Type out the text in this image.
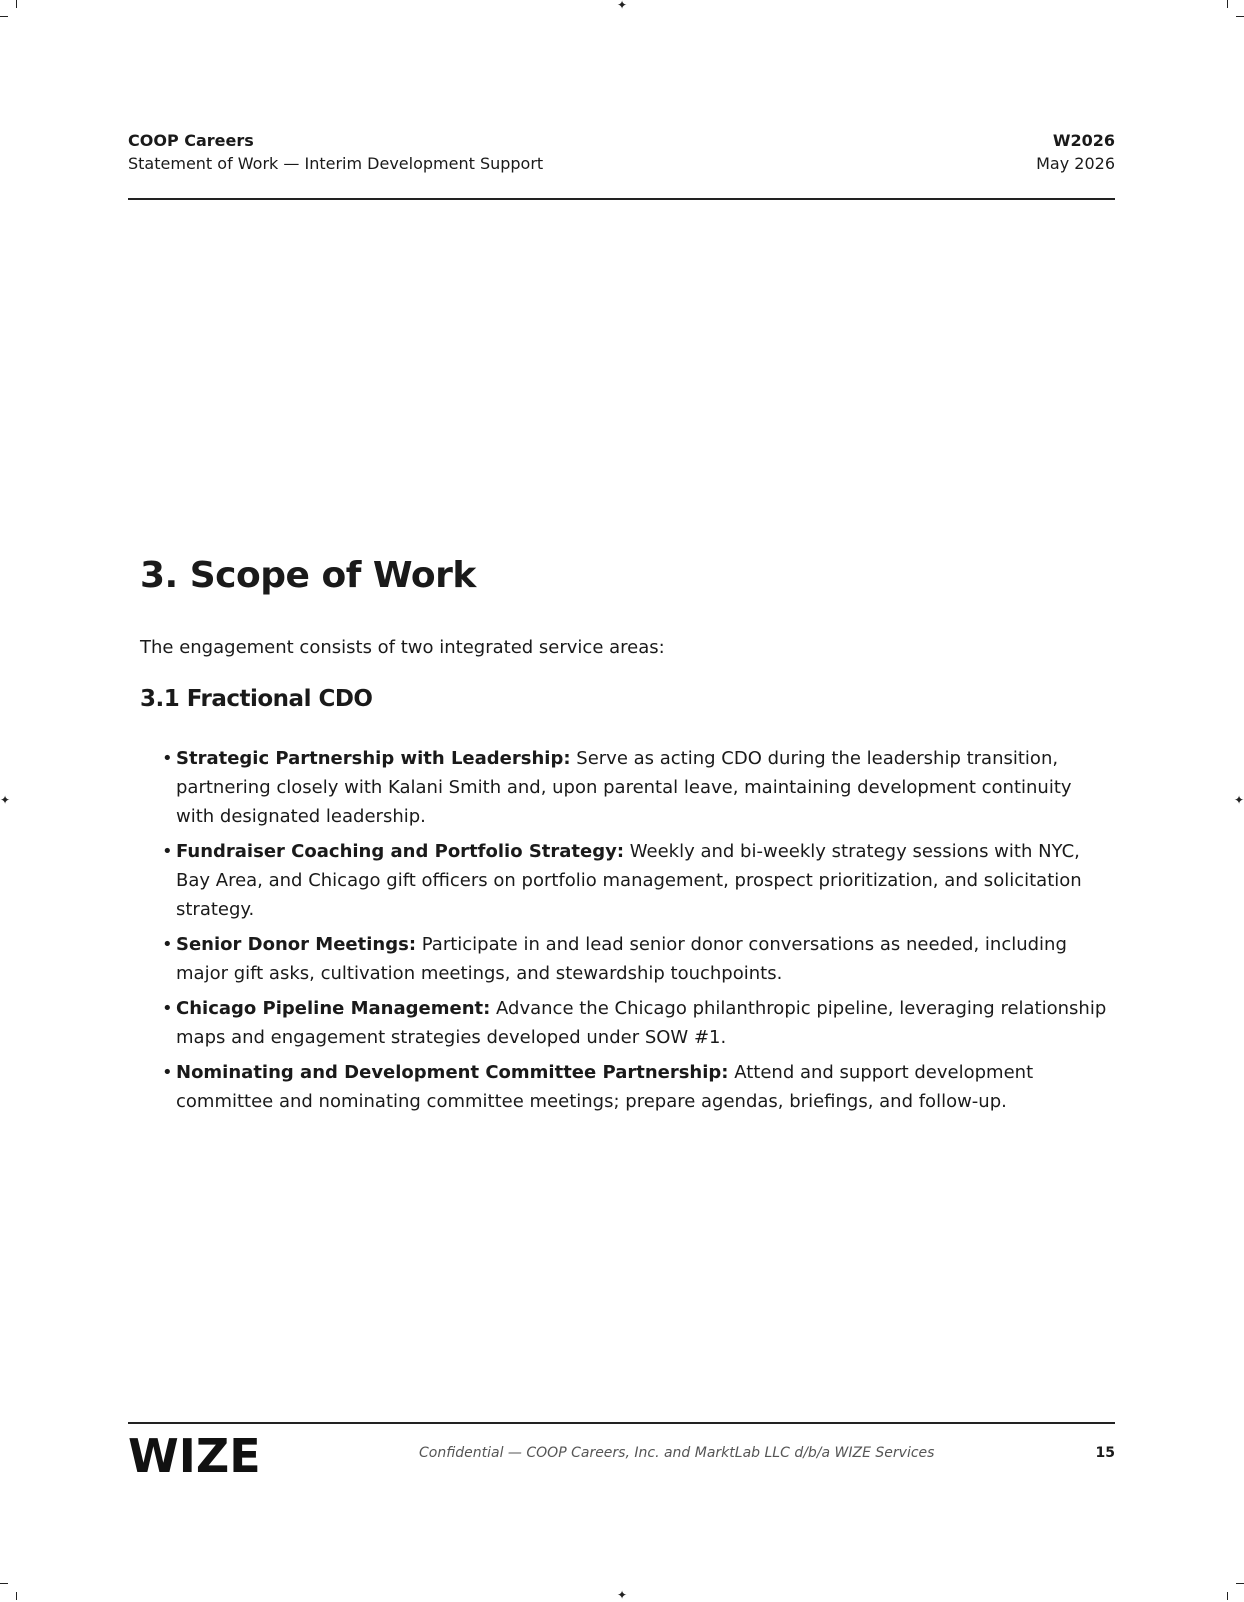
✦
✦
✦	✦
COOP Careers
Statement of Work — Interim Development Support
W2026
May 2026
3. Scope of Work

The engagement consists of two integrated service areas:

3.1 Fractional CDO
• Strategic Partnership with Leadership: Serve as acting CDO during the leadership transition, partnering closely with Kalani Smith and, upon parental leave, maintaining development continuity with designated leadership.
• Fundraiser Coaching and Portfolio Strategy: Weekly and bi-weekly strategy sessions with NYC, Bay Area, and Chicago gift officers on portfolio management, prospect prioritization, and solicitation strategy.
• Senior Donor Meetings: Participate in and lead senior donor conversations as needed, including major gift asks, cultivation meetings, and stewardship touchpoints.
• Chicago Pipeline Management: Advance the Chicago philanthropic pipeline, leveraging relationship maps and engagement strategies developed under SOW #1.
• Nominating and Development Committee Partnership: Attend and support development committee and nominating committee meetings; prepare agendas, briefings, and follow-up.
WIZE	Confidential — COOP Careers, Inc. and MarktLab LLC d/b/a WIZE Services	15
